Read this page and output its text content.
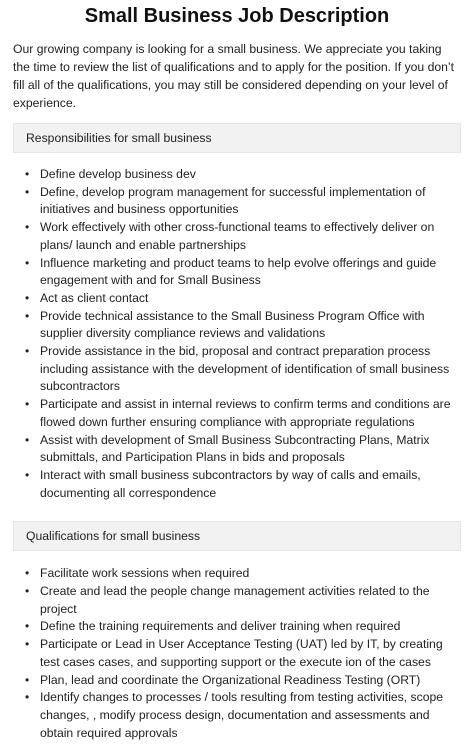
Small Business Job Description

Our growing company is looking for a small business. We appreciate you taking the time to review the list of qualifications and to apply for the position. If you don’t fill all of the qualifications, you may still be considered depending on your level of experience.

Responsibilities for small business
• Define develop business dev
• Define, develop program management for successful implementation of initiatives and business opportunities
• Work effectively with other cross-functional teams to effectively deliver on plans/ launch and enable partnerships
• Influence marketing and product teams to help evolve offerings and guide engagement with and for Small Business
• Act as client contact
• Provide technical assistance to the Small Business Program Office with supplier diversity compliance reviews and validations
• Provide assistance in the bid, proposal and contract preparation process including assistance with the development of identification of small business subcontractors
• Participate and assist in internal reviews to confirm terms and conditions are flowed down further ensuring compliance with appropriate regulations
• Assist with development of Small Business Subcontracting Plans, Matrix submittals, and Participation Plans in bids and proposals
• Interact with small business subcontractors by way of calls and emails, documenting all correspondence
Qualifications for small business
• Facilitate work sessions when required
• Create and lead the people change management activities related to the project
• Define the training requirements and deliver training when required
• Participate or Lead in User Acceptance Testing (UAT) led by IT, by creating test cases cases, and supporting support or the execute ion of the cases
• Plan, lead and coordinate the Organizational Readiness Testing (ORT)
• Identify changes to processes / tools resulting from testing activities, scope changes, , modify process design, documentation and assessments and obtain required approvals
